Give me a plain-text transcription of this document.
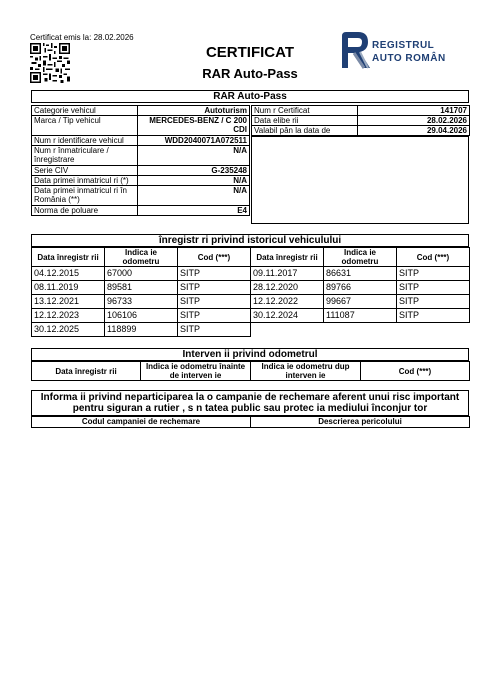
Certificat emis la: 28.02.2026
CERTIFICAT
RAR Auto-Pass
REGISTRUL
AUTO ROMÂN
RAR Auto-Pass
Categorie vehicul	Autoturism
Marca / Tip vehicul	MERCEDES-BENZ / C 200 CDI
Num r identificare vehicul	WDD2040071A072511
Num r înmatriculare / înregistrare	N/A
Serie CIV	G-235248
Data primei inmatricul ri (*)	N/A
Data primei inmatricul ri în România (**)	N/A
Norma de poluare	E4
Num r Certificat	141707
Data elibe rii	28.02.2026
Valabil pân la data de	29.04.2026
înregistr ri privind istoricul vehiculului
Data înregistr rii	Indica ie odometru	Cod (***)	Data înregistr rii	Indica ie odometru	Cod (***)
04.12.2015	67000	SITP	09.11.2017	86631	SITP
08.11.2019	89581	SITP	28.12.2020	89766	SITP
13.12.2021	96733	SITP	12.12.2022	99667	SITP
12.12.2023	106106	SITP	30.12.2024	111087	SITP
30.12.2025	118899	SITP			
Interven ii privind odometrul
Data înregistr rii	Indica ie odometru înainte de interven ie	Indica ie odometru dup interven ie	Cod (***)
Informa ii privind neparticiparea la o campanie de rechemare aferent unui risc important pentru siguran a rutier , s n tatea public sau protec ia mediului înconjur tor
Codul campaniei de rechemare	Descrierea pericolului
